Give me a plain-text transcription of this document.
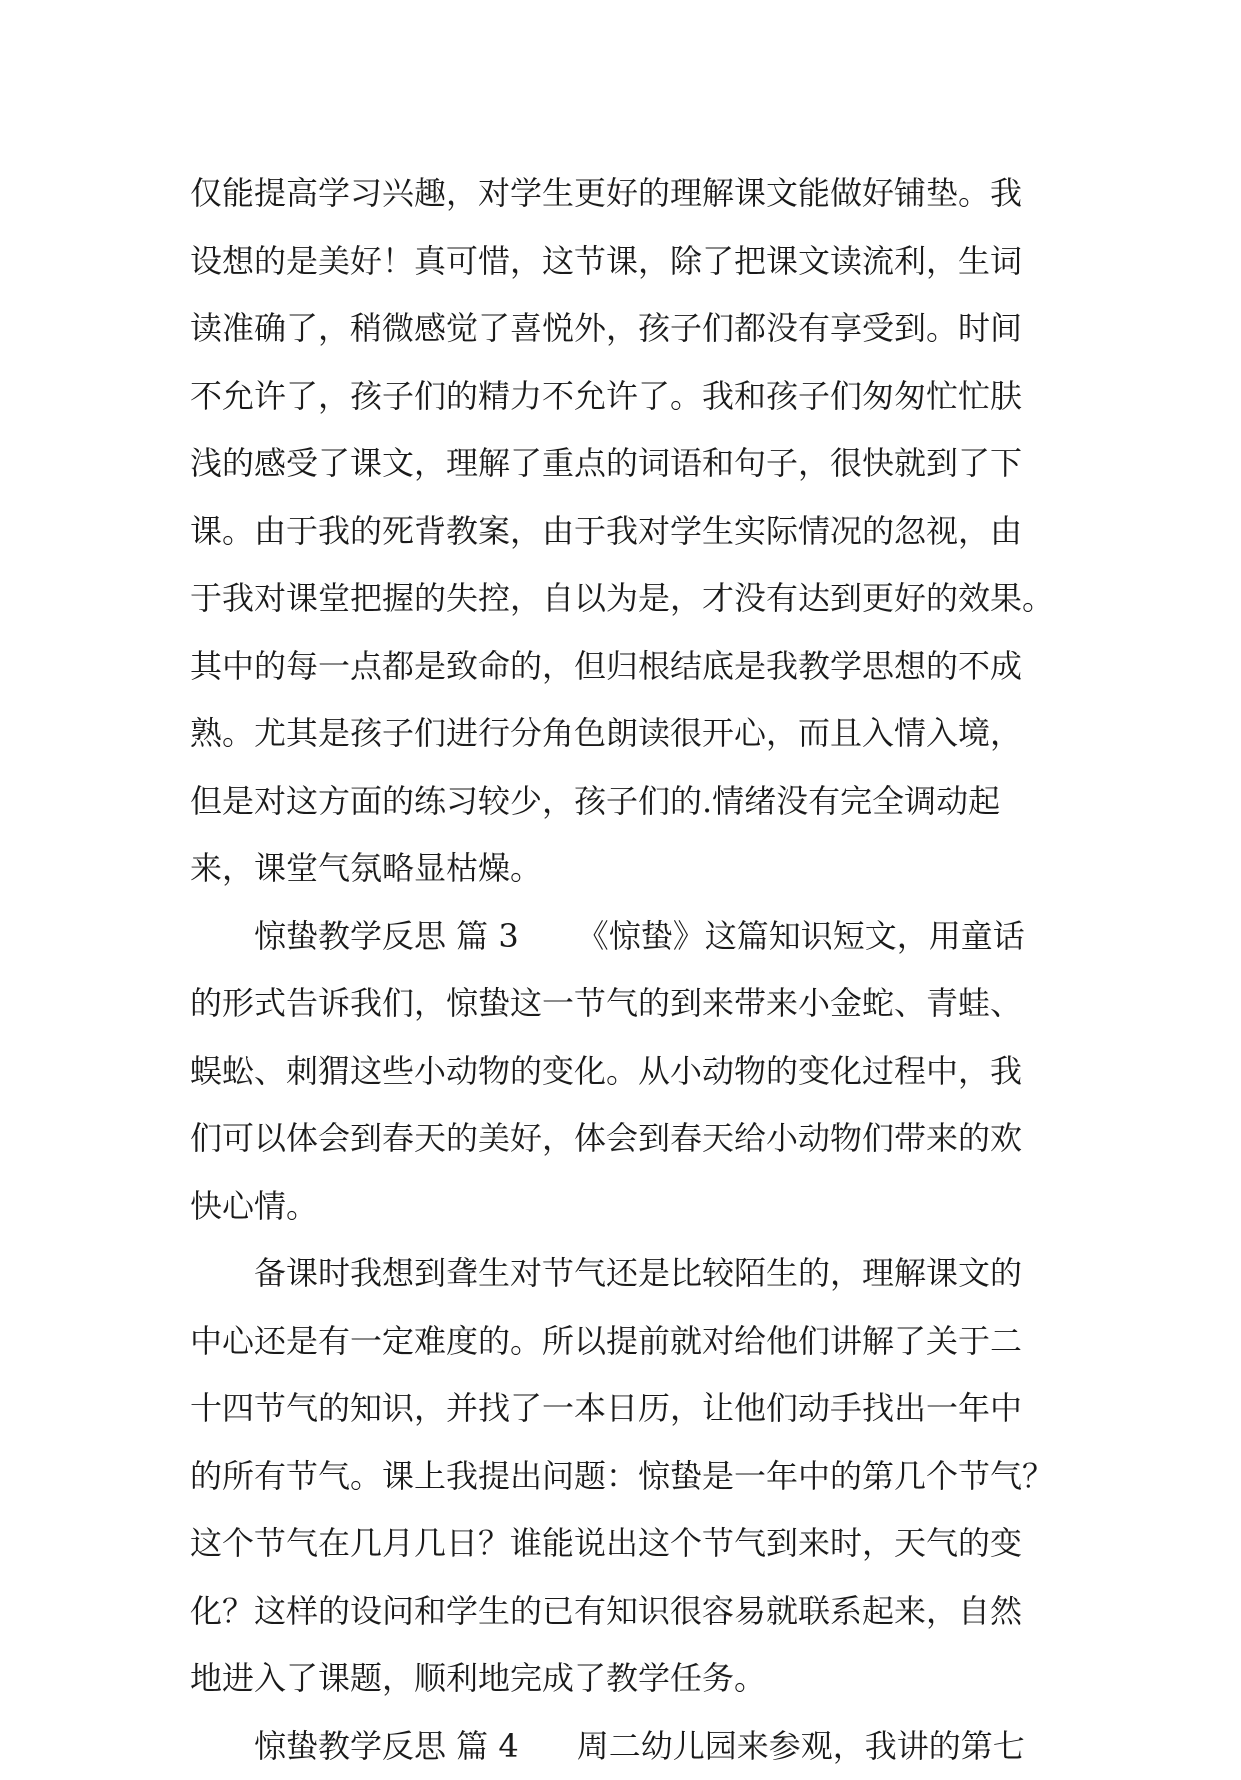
仅能提高学习兴趣，对学生更好的理解课文能做好铺垫。我
设想的是美好！真可惜，这节课，除了把课文读流利，生词
读准确了，稍微感觉了喜悦外，孩子们都没有享受到。时间
不允许了，孩子们的精力不允许了。我和孩子们匆匆忙忙肤
浅的感受了课文，理解了重点的词语和句子，很快就到了下
课。由于我的死背教案，由于我对学生实际情况的忽视，由
于我对课堂把握的失控，自以为是，才没有达到更好的效果。
其中的每一点都是致命的，但归根结底是我教学思想的不成
熟。尤其是孩子们进行分角色朗读很开心，而且入情入境，
但是对这方面的练习较少，孩子们的.情绪没有完全调动起
来，课堂气氛略显枯燥。
惊蛰教学反思 篇 3 《惊蛰》这篇知识短文，用童话
的形式告诉我们，惊蛰这一节气的到来带来小金蛇、青蛙、
蜈蚣、刺猬这些小动物的变化。从小动物的变化过程中，我
们可以体会到春天的美好，体会到春天给小动物们带来的欢
快心情。
备课时我想到聋生对节气还是比较陌生的，理解课文的
中心还是有一定难度的。所以提前就对给他们讲解了关于二
十四节气的知识，并找了一本日历，让他们动手找出一年中
的所有节气。课上我提出问题：惊蛰是一年中的第几个节气？
这个节气在几月几日？谁能说出这个节气到来时，天气的变
化？这样的设问和学生的已有知识很容易就联系起来，自然
地进入了课题，顺利地完成了教学任务。
惊蛰教学反思 篇 4 周二幼儿园来参观，我讲的第七
